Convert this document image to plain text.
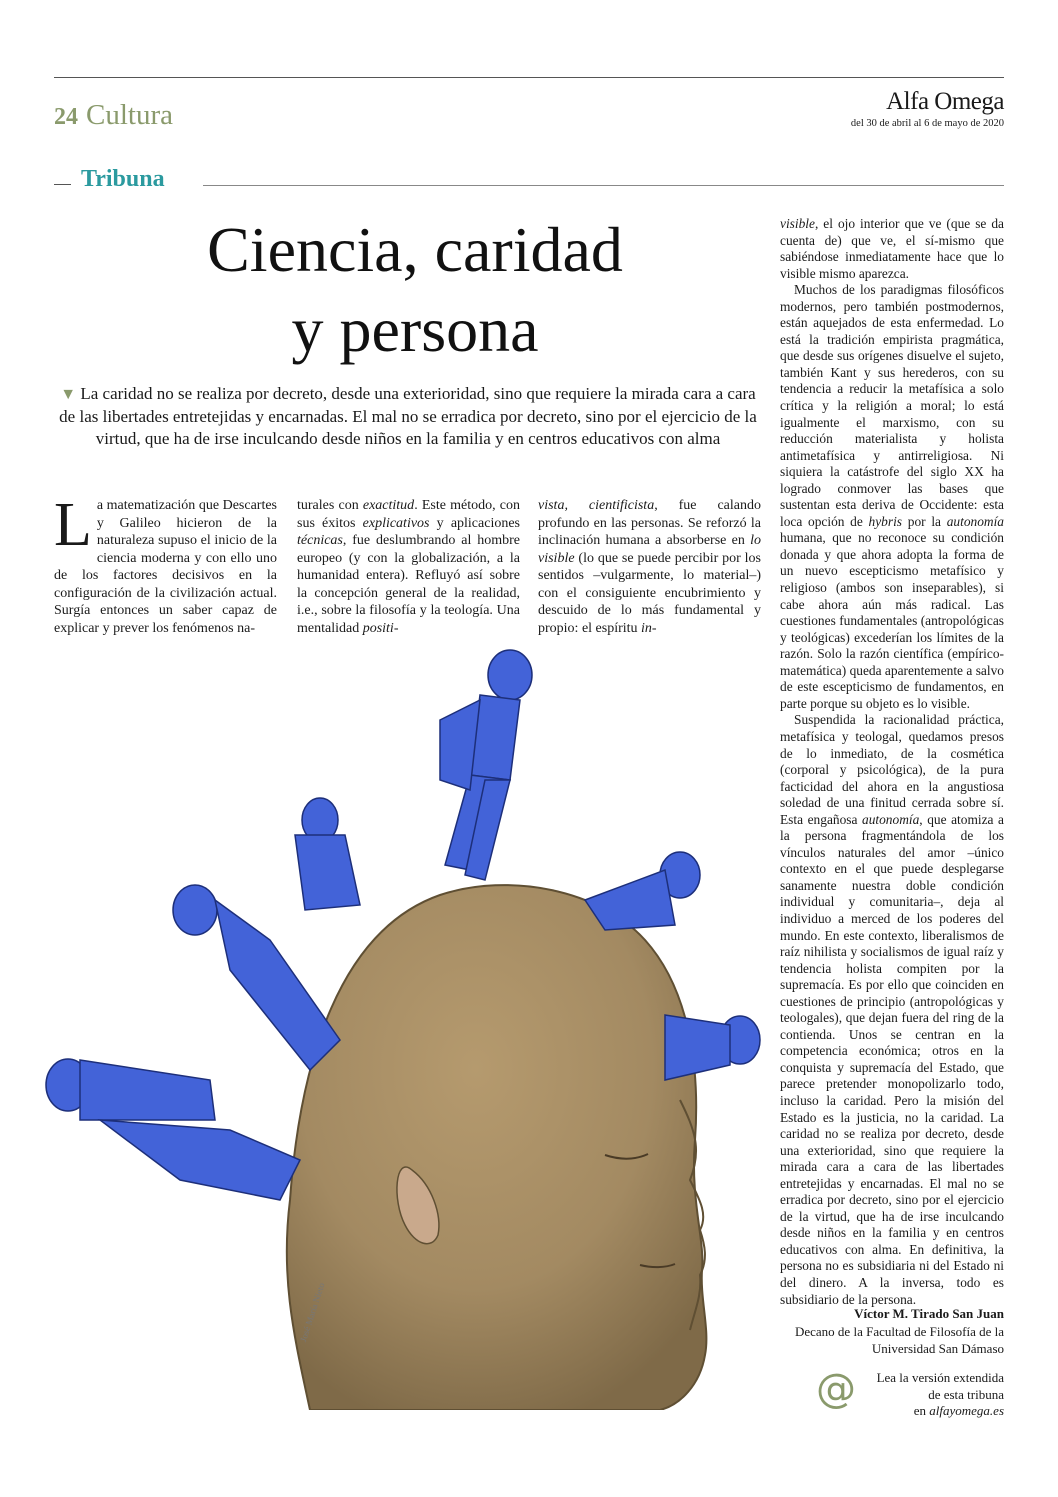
24 Cultura	Alfa Omega
del 30 de abril al 6 de mayo de 2020
Tribuna
Ciencia, caridad
y persona
▼ La caridad no se realiza por decreto, desde una exterioridad, sino que requiere la mirada cara a cara de las libertades entretejidas y encarnadas. El mal no se erradica por decreto, sino por el ejercicio de la virtud, que ha de irse inculcando desde niños en la familia y en centros educativos con alma

La matematización que Descartes y Galileo hicieron de la naturaleza supuso el inicio de la ciencia moderna y con ello uno de los factores decisivos en la configuración de la civilización actual. Surgía entonces un saber capaz de explicar y prever los fenómenos na-

turales con exactitud. Este método, con sus éxitos explicativos y aplicaciones técnicas, fue deslumbrando al hombre europeo (y con la globalización, a la humanidad entera). Refluyó así sobre la concepción general de la realidad, i.e., sobre la filosofía y la teología. Una mentalidad positi-

vista, cientificista, fue calando profundo en las personas. Se reforzó la inclinación humana a absorberse en lo visible (lo que se puede percibir por los sentidos –vulgarmente, lo material–) con el consiguiente encubrimiento y descuido de lo más fundamental y propio: el espíritu in-

visible, el ojo interior que ve (que se da cuenta de) que ve, el sí-mismo que sabiéndose inmediatamente hace que lo visible mismo aparezca.

Muchos de los paradigmas filosóficos modernos, pero también postmodernos, están aquejados de esta enfermedad. Lo está la tradición empirista pragmática, que desde sus orígenes disuelve el sujeto, también Kant y sus herederos, con su tendencia a reducir la metafísica a solo crítica y la religión a moral; lo está igualmente el marxismo, con su reducción materialista y holista antimetafísica y antirreligiosa. Ni siquiera la catástrofe del siglo XX ha logrado conmover las bases que sustentan esta deriva de Occidente: esta loca opción de hybris por la autonomía humana, que no reconoce su condición donada y que ahora adopta la forma de un nuevo escepticismo metafísico y religioso (ambos son inseparables), si cabe ahora aún más radical. Las cuestiones fundamentales (antropológicas y teológicas) excederían los límites de la razón. Solo la razón científica (empírico-matemática) queda aparentemente a salvo de este escepticismo de fundamentos, en parte porque su objeto es lo visible.

Suspendida la racionalidad práctica, metafísica y teologal, quedamos presos de lo inmediato, de la cosmética (corporal y psicológica), de la pura facticidad del ahora en la angustiosa soledad de una finitud cerrada sobre sí. Esta engañosa autonomía, que atomiza a la persona fragmentándola de los vínculos naturales del amor –único contexto en el que puede desplegarse sanamente nuestra doble condición individual y comunitaria–, deja al individuo a merced de los poderes del mundo. En este contexto, liberalismos de raíz nihilista y socialismos de igual raíz y tendencia holista compiten por la supremacía. Es por ello que coinciden en cuestiones de principio (antropológicas y teologales), que dejan fuera del ring de la contienda. Unos se centran en la competencia económica; otros en la conquista y supremacía del Estado, que parece pretender monopolizarlo todo, incluso la caridad. Pero la misión del Estado es la justicia, no la caridad. La caridad no se realiza por decreto, desde una exterioridad, sino que requiere la mirada cara a cara de las libertades entretejidas y encarnadas. El mal no se erradica por decreto, sino por el ejercicio de la virtud, que ha de irse inculcando desde niños en la familia y en centros educativos con alma. En definitiva, la persona no es subsidiaria ni del Estado ni del dinero. A la inversa, todo es subsidiario de la persona.

Víctor M. Tirado San Juan
Decano de la Facultad de Filosofía de la
Universidad San Dámaso
@	Lea la versión extendida
de esta tribuna
en alfayomega.es
José María Nieto
